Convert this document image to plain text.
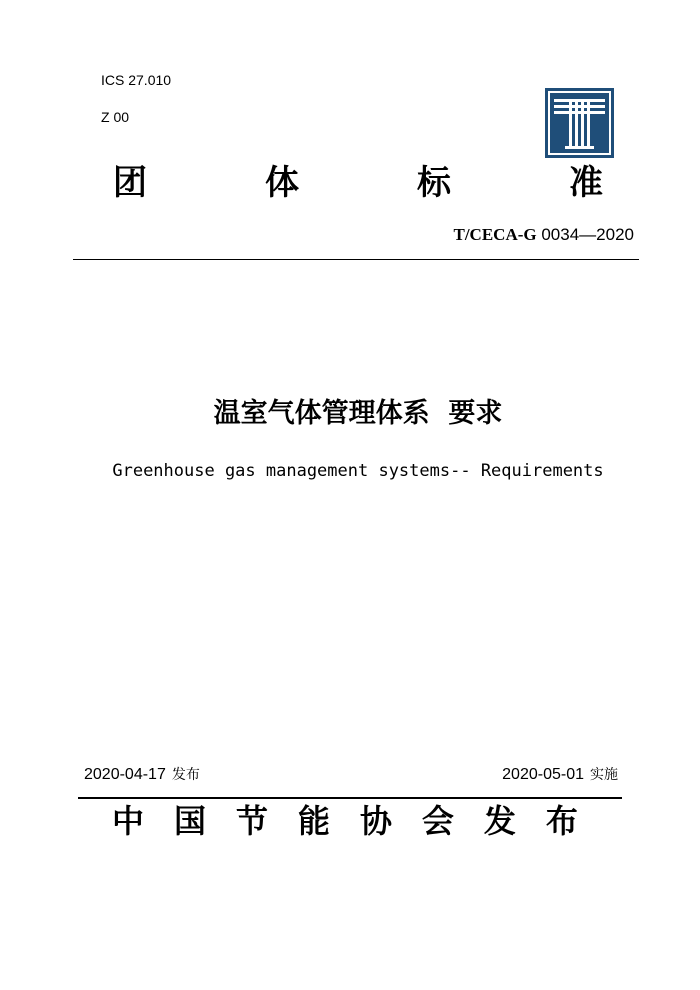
ICS 27.010
Z 00
团	体	标	准
T/CECA-G 0034—2020
温室气体管理体系  要求
Greenhouse gas management systems-- Requirements
2020-04-17 发布	2020-05-01 实施
中 国 节 能 协 会 发 布
